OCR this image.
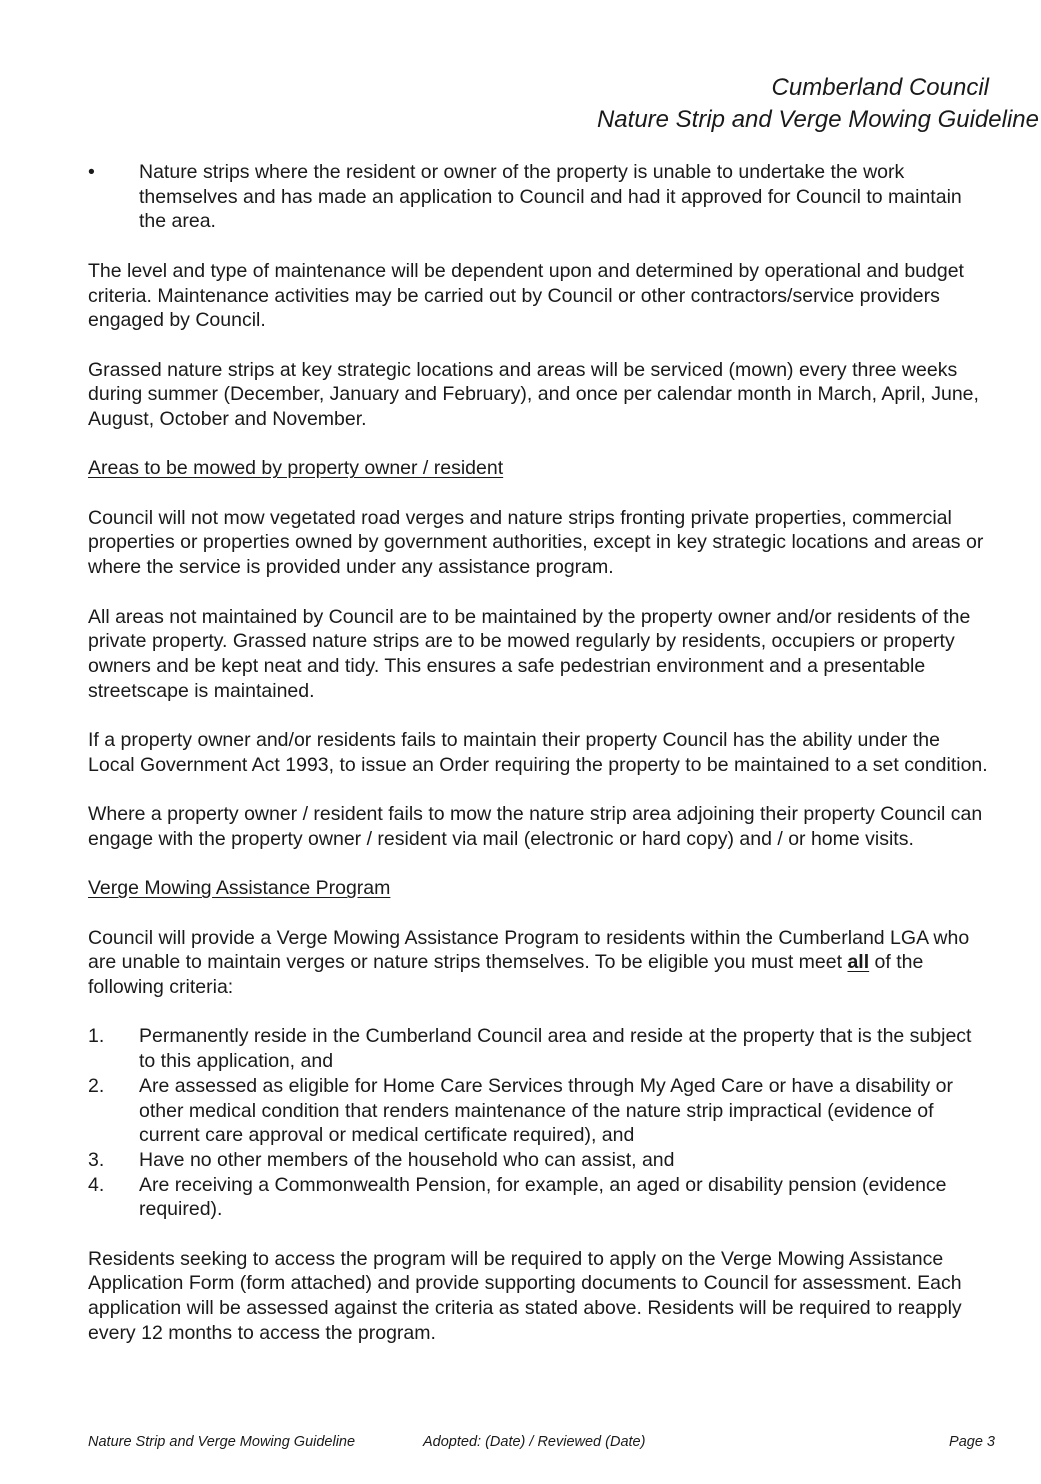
Cumberland Council
Nature Strip and Verge Mowing Guideline
• Nature strips where the resident or owner of the property is unable to undertake the work themselves and has made an application to Council and had it approved for Council to maintain the area.

The level and type of maintenance will be dependent upon and determined by operational and budget criteria. Maintenance activities may be carried out by Council or other contractors/service providers engaged by Council.

Grassed nature strips at key strategic locations and areas will be serviced (mown) every three weeks during summer (December, January and February), and once per calendar month in March, April, June, August, October and November.

Areas to be mowed by property owner / resident

Council will not mow vegetated road verges and nature strips fronting private properties, commercial properties or properties owned by government authorities, except in key strategic locations and areas or where the service is provided under any assistance program.

All areas not maintained by Council are to be maintained by the property owner and/or residents of the private property. Grassed nature strips are to be mowed regularly by residents, occupiers or property owners and be kept neat and tidy. This ensures a safe pedestrian environment and a presentable streetscape is maintained.

If a property owner and/or residents fails to maintain their property Council has the ability under the Local Government Act 1993, to issue an Order requiring the property to be maintained to a set condition.

Where a property owner / resident fails to mow the nature strip area adjoining their property Council can engage with the property owner / resident via mail (electronic or hard copy) and / or home visits.

Verge Mowing Assistance Program

Council will provide a Verge Mowing Assistance Program to residents within the Cumberland LGA who are unable to maintain verges or nature strips themselves. To be eligible you must meet all of the following criteria:

1. Permanently reside in the Cumberland Council area and reside at the property that is the subject to this application, and

2. Are assessed as eligible for Home Care Services through My Aged Care or have a disability or other medical condition that renders maintenance of the nature strip impractical (evidence of current care approval or medical certificate required), and

3. Have no other members of the household who can assist, and

4. Are receiving a Commonwealth Pension, for example, an aged or disability pension (evidence required).

Residents seeking to access the program will be required to apply on the Verge Mowing Assistance Application Form (form attached) and provide supporting documents to Council for assessment. Each application will be assessed against the criteria as stated above. Residents will be required to reapply every 12 months to access the program.

Nature Strip and Verge Mowing Guideline	Adopted: (Date) / Reviewed (Date)	Page 3
